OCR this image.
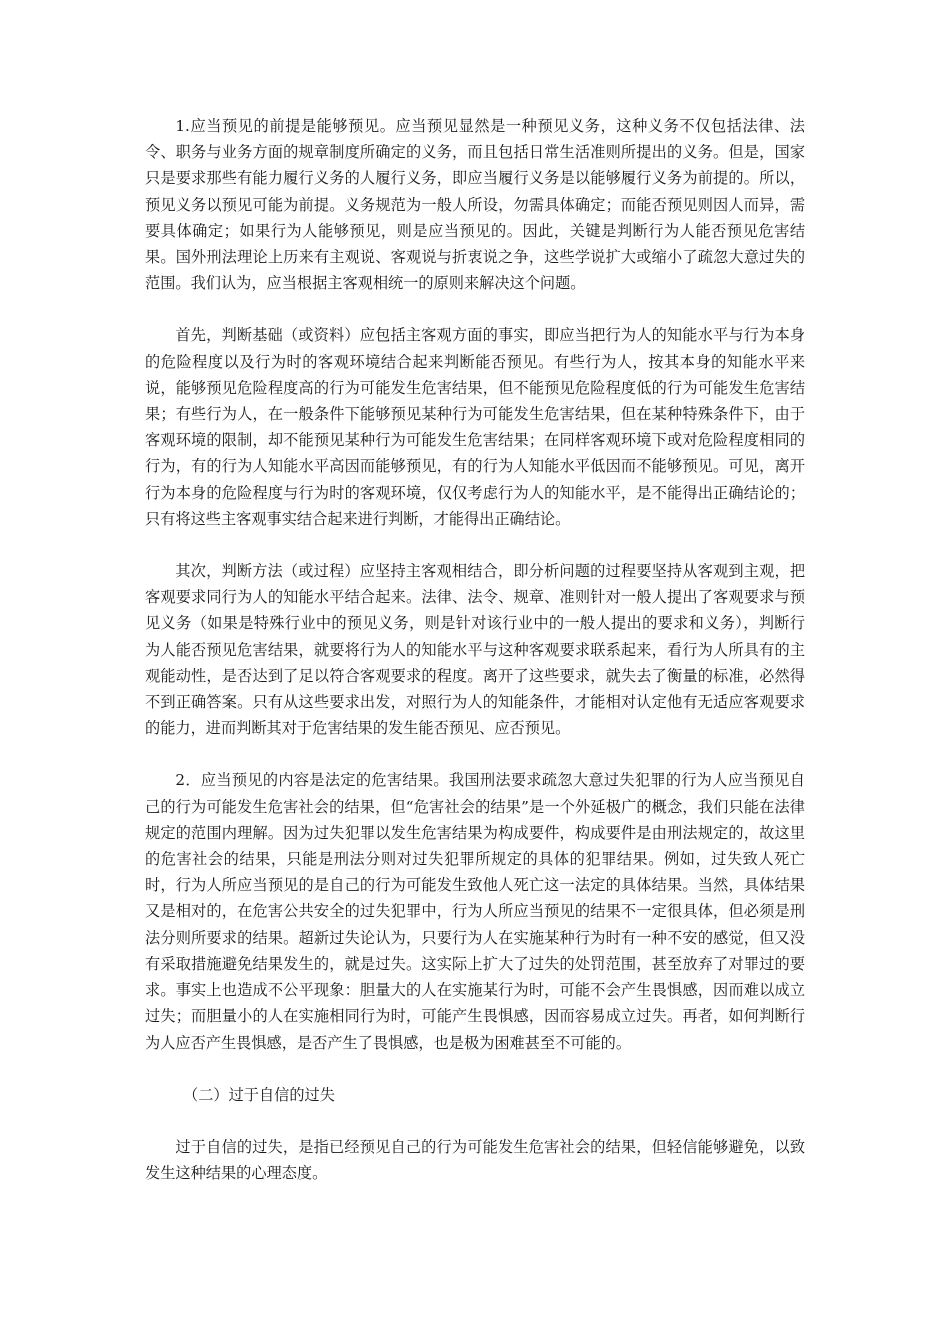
1.应当预见的前提是能够预见。应当预见显然是一种预见义务，这种义务不仅包括法律、法令、职务与业务方面的规章制度所确定的义务，而且包括日常生活准则所提出的义务。但是，国家只是要求那些有能力履行义务的人履行义务，即应当履行义务是以能够履行义务为前提的。所以，预见义务以预见可能为前提。义务规范为一般人所设，勿需具体确定；而能否预见则因人而异，需要具体确定；如果行为人能够预见，则是应当预见的。因此，关键是判断行为人能否预见危害结果。国外刑法理论上历来有主观说、客观说与折衷说之争，这些学说扩大或缩小了疏忽大意过失的范围。我们认为，应当根据主客观相统一的原则来解决这个问题。

首先，判断基础（或资料）应包括主客观方面的事实，即应当把行为人的知能水平与行为本身的危险程度以及行为时的客观环境结合起来判断能否预见。有些行为人，按其本身的知能水平来说，能够预见危险程度高的行为可能发生危害结果，但不能预见危险程度低的行为可能发生危害结果；有些行为人，在一般条件下能够预见某种行为可能发生危害结果，但在某种特殊条件下，由于客观环境的限制，却不能预见某种行为可能发生危害结果；在同样客观环境下或对危险程度相同的行为，有的行为人知能水平高因而能够预见，有的行为人知能水平低因而不能够预见。可见，离开行为本身的危险程度与行为时的客观环境，仅仅考虑行为人的知能水平，是不能得出正确结论的；只有将这些主客观事实结合起来进行判断，才能得出正确结论。

其次，判断方法（或过程）应坚持主客观相结合，即分析问题的过程要坚持从客观到主观，把客观要求同行为人的知能水平结合起来。法律、法令、规章、准则针对一般人提出了客观要求与预见义务（如果是特殊行业中的预见义务，则是针对该行业中的一般人提出的要求和义务），判断行为人能否预见危害结果，就要将行为人的知能水平与这种客观要求联系起来，看行为人所具有的主观能动性，是否达到了足以符合客观要求的程度。离开了这些要求，就失去了衡量的标准，必然得不到正确答案。只有从这些要求出发，对照行为人的知能条件，才能相对认定他有无适应客观要求的能力，进而判断其对于危害结果的发生能否预见、应否预见。

2．应当预见的内容是法定的危害结果。我国刑法要求疏忽大意过失犯罪的行为人应当预见自己的行为可能发生危害社会的结果，但“危害社会的结果”是一个外延极广的概念，我们只能在法律规定的范围内理解。因为过失犯罪以发生危害结果为构成要件，构成要件是由刑法规定的，故这里的危害社会的结果，只能是刑法分则对过失犯罪所规定的具体的犯罪结果。例如，过失致人死亡时，行为人所应当预见的是自己的行为可能发生致他人死亡这一法定的具体结果。当然，具体结果又是相对的，在危害公共安全的过失犯罪中，行为人所应当预见的结果不一定很具体，但必须是刑法分则所要求的结果。超新过失论认为，只要行为人在实施某种行为时有一种不安的感觉，但又没有采取措施避免结果发生的，就是过失。这实际上扩大了过失的处罚范围，甚至放弃了对罪过的要求。事实上也造成不公平现象：胆量大的人在实施某行为时，可能不会产生畏惧感，因而难以成立过失；而胆量小的人在实施相同行为时，可能产生畏惧感，因而容易成立过失。再者，如何判断行为人应否产生畏惧感，是否产生了畏惧感，也是极为困难甚至不可能的。

（二）过于自信的过失

过于自信的过失，是指已经预见自己的行为可能发生危害社会的结果，但轻信能够避免，以致发生这种结果的心理态度。
